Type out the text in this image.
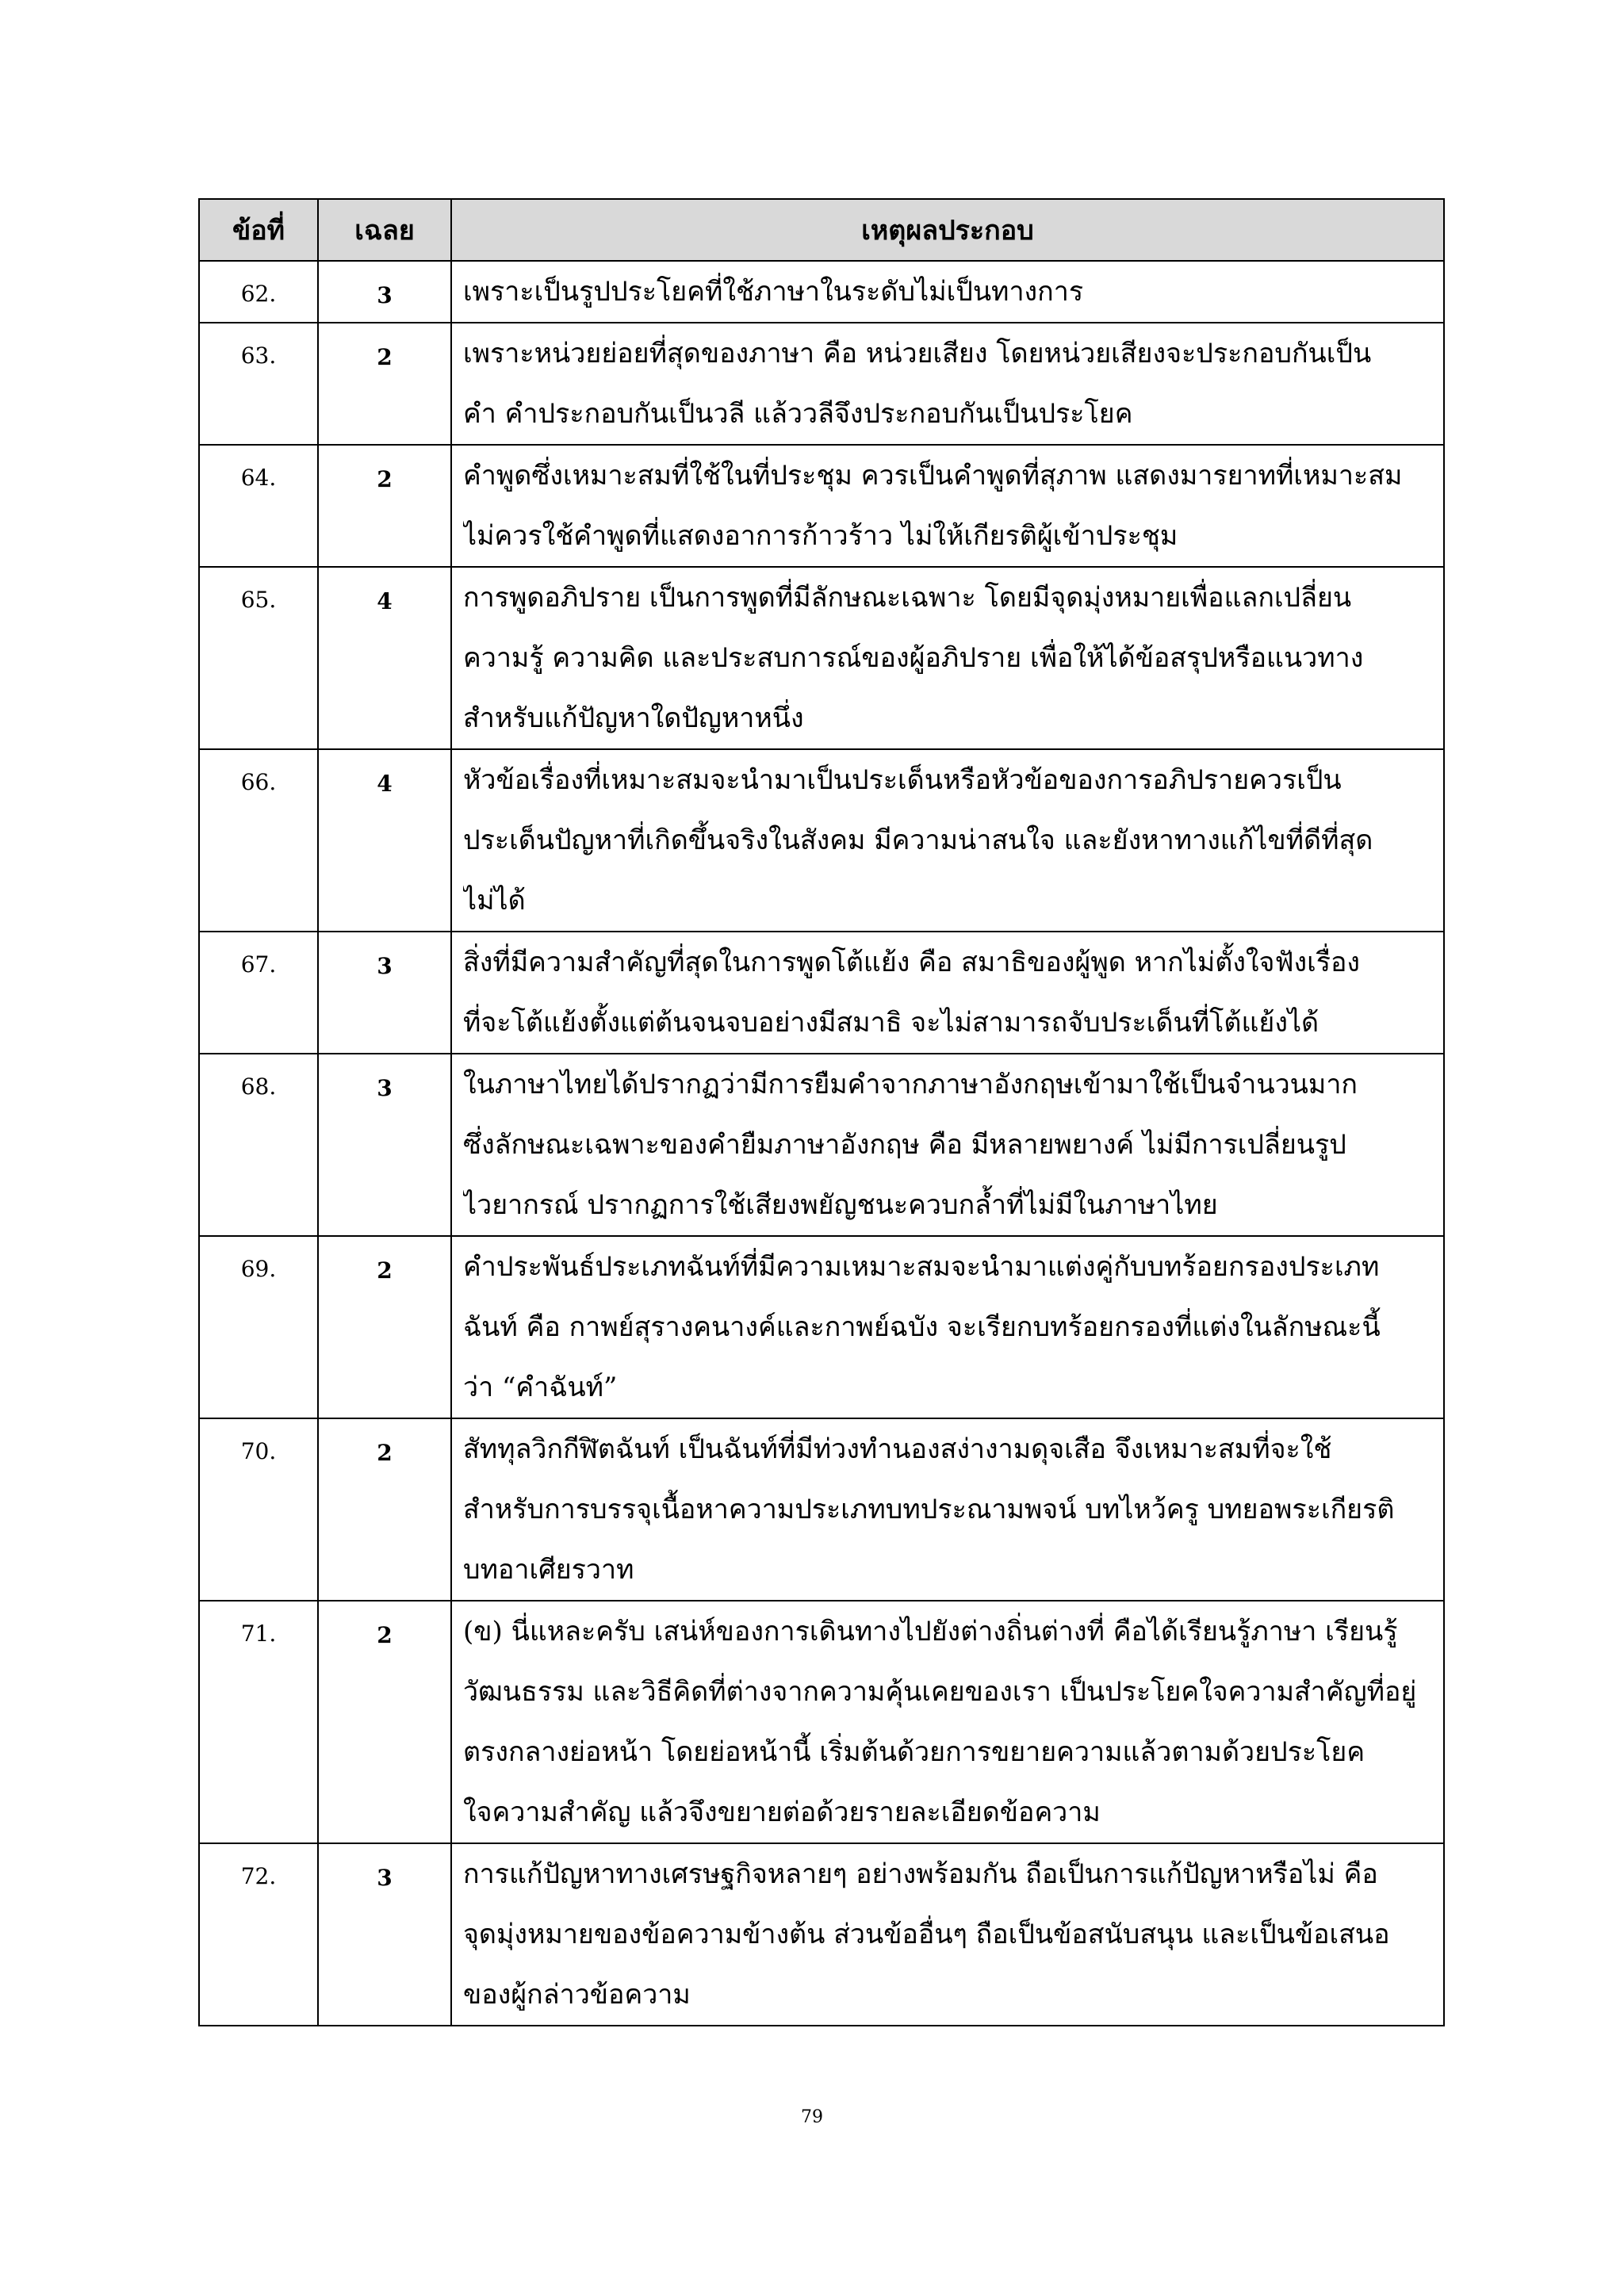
ข้อที่	เฉลย	เหตุผลประกอบ
62.	3	เพราะเป็นรูปประโยคที่ใช้ภาษาในระดับไม่เป็นทางการ

63.	2	เพราะหน่วยย่อยที่สุดของภาษา คือ หน่วยเสียง โดยหน่วยเสียงจะประกอบกันเป็น
คำ คำประกอบกันเป็นวลี แล้ววลีจึงประกอบกันเป็นประโยค

64.	2	คำพูดซึ่งเหมาะสมที่ใช้ในที่ประชุม ควรเป็นคำพูดที่สุภาพ แสดงมารยาทที่เหมาะสม
ไม่ควรใช้คำพูดที่แสดงอาการก้าวร้าว ไม่ให้เกียรติผู้เข้าประชุม

65.	4	การพูดอภิปราย เป็นการพูดที่มีลักษณะเฉพาะ โดยมีจุดมุ่งหมายเพื่อแลกเปลี่ยน
ความรู้ ความคิด และประสบการณ์ของผู้อภิปราย เพื่อให้ได้ข้อสรุปหรือแนวทาง
สำหรับแก้ปัญหาใดปัญหาหนึ่ง

66.	4	หัวข้อเรื่องที่เหมาะสมจะนำมาเป็นประเด็นหรือหัวข้อของการอภิปรายควรเป็น
ประเด็นปัญหาที่เกิดขึ้นจริงในสังคม มีความน่าสนใจ และยังหาทางแก้ไขที่ดีที่สุด
ไม่ได้

67.	3	สิ่งที่มีความสำคัญที่สุดในการพูดโต้แย้ง คือ สมาธิของผู้พูด หากไม่ตั้งใจฟังเรื่อง
ที่จะโต้แย้งตั้งแต่ต้นจนจบอย่างมีสมาธิ จะไม่สามารถจับประเด็นที่โต้แย้งได้

68.	3	ในภาษาไทยได้ปรากฏว่ามีการยืมคำจากภาษาอังกฤษเข้ามาใช้เป็นจำนวนมาก
ซึ่งลักษณะเฉพาะของคำยืมภาษาอังกฤษ คือ มีหลายพยางค์ ไม่มีการเปลี่ยนรูป
ไวยากรณ์ ปรากฏการใช้เสียงพยัญชนะควบกล้ำที่ไม่มีในภาษาไทย

69.	2	คำประพันธ์ประเภทฉันท์ที่มีความเหมาะสมจะนำมาแต่งคู่กับบทร้อยกรองประเภท
ฉันท์ คือ กาพย์สุรางคนางค์และกาพย์ฉบัง จะเรียกบทร้อยกรองที่แต่งในลักษณะนี้
ว่า “คำฉันท์”

70.	2	สัททุลวิกกีฬิตฉันท์ เป็นฉันท์ที่มีท่วงทำนองสง่างามดุจเสือ จึงเหมาะสมที่จะใช้
สำหรับการบรรจุเนื้อหาความประเภทบทประณามพจน์ บทไหว้ครู บทยอพระเกียรติ
บทอาเศียรวาท

71.	2	(ข) นี่แหละครับ เสน่ห์ของการเดินทางไปยังต่างถิ่นต่างที่ คือได้เรียนรู้ภาษา เรียนรู้
วัฒนธรรม และวิธีคิดที่ต่างจากความคุ้นเคยของเรา เป็นประโยคใจความสำคัญที่อยู่
ตรงกลางย่อหน้า โดยย่อหน้านี้ เริ่มต้นด้วยการขยายความแล้วตามด้วยประโยค
ใจความสำคัญ แล้วจึงขยายต่อด้วยรายละเอียดข้อความ

72.	3	การแก้ปัญหาทางเศรษฐกิจหลายๆ อย่างพร้อมกัน ถือเป็นการแก้ปัญหาหรือไม่ คือ
จุดมุ่งหมายของข้อความข้างต้น ส่วนข้ออื่นๆ ถือเป็นข้อสนับสนุน และเป็นข้อเสนอ
ของผู้กล่าวข้อความ
79
